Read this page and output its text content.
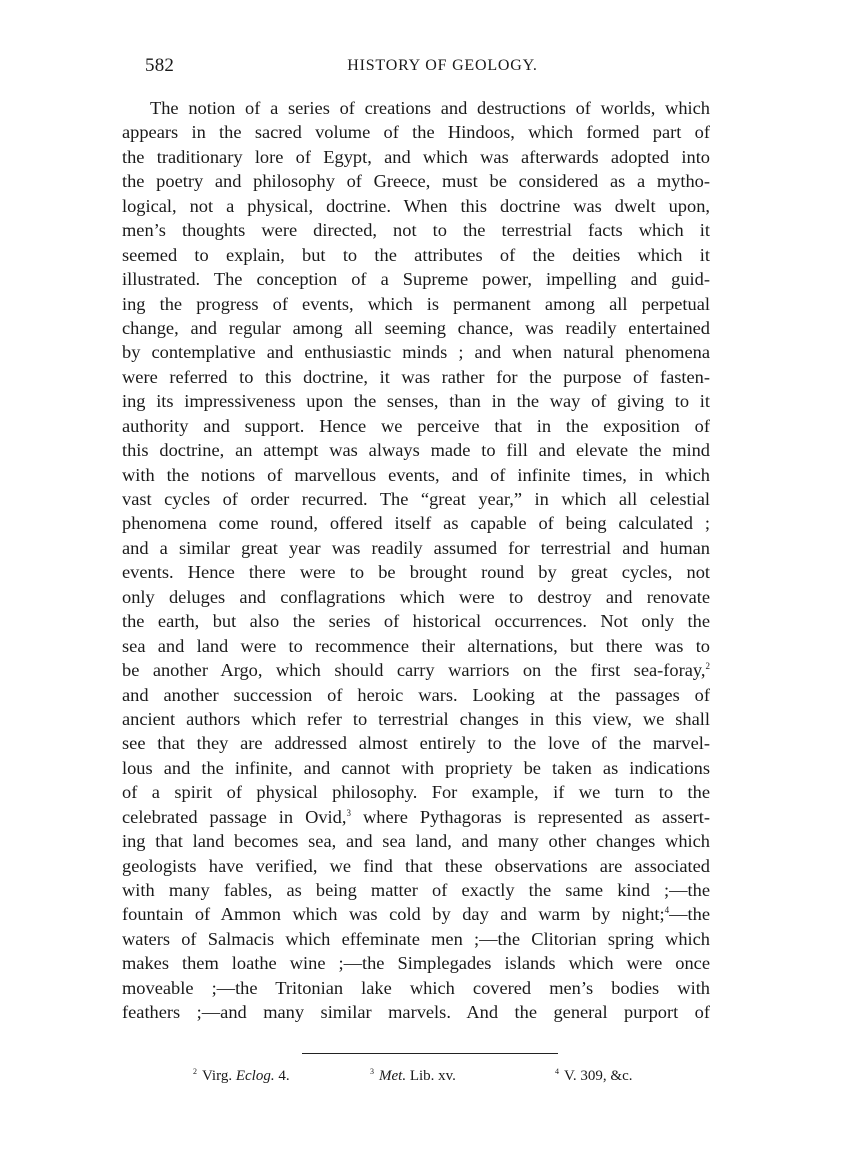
582	HISTORY OF GEOLOGY.
The notion of a series of creations and destructions of worlds, which
appears in the sacred volume of the Hindoos, which formed part of
the traditionary lore of Egypt, and which was afterwards adopted into
the poetry and philosophy of Greece, must be considered as a mytho-
logical, not a physical, doctrine. When this doctrine was dwelt upon,
men’s thoughts were directed, not to the terrestrial facts which it
seemed to explain, but to the attributes of the deities which it
illustrated. The conception of a Supreme power, impelling and guid-
ing the progress of events, which is permanent among all perpetual
change, and regular among all seeming chance, was readily entertained
by contemplative and enthusiastic minds ; and when natural phenomena
were referred to this doctrine, it was rather for the purpose of fasten-
ing its impressiveness upon the senses, than in the way of giving to it
authority and support. Hence we perceive that in the exposition of
this doctrine, an attempt was always made to fill and elevate the mind
with the notions of marvellous events, and of infinite times, in which
vast cycles of order recurred. The “great year,” in which all celestial
phenomena come round, offered itself as capable of being calculated ;
and a similar great year was readily assumed for terrestrial and human
events. Hence there were to be brought round by great cycles, not
only deluges and conflagrations which were to destroy and renovate
the earth, but also the series of historical occurrences. Not only the
sea and land were to recommence their alternations, but there was to
be another Argo, which should carry warriors on the first sea-foray,$^2$
and another succession of heroic wars. Looking at the passages of
ancient authors which refer to terrestrial changes in this view, we shall
see that they are addressed almost entirely to the love of the marvel-
lous and the infinite, and cannot with propriety be taken as indications
of a spirit of physical philosophy. For example, if we turn to the
celebrated passage in Ovid,$^3$ where Pythagoras is represented as assert-
ing that land becomes sea, and sea land, and many other changes which
geologists have verified, we find that these observations are associated
with many fables, as being matter of exactly the same kind ;—the
fountain of Ammon which was cold by day and warm by night;$^4$—the
waters of Salmacis which effeminate men ;—the Clitorian spring which
makes them loathe wine ;—the Simplegades islands which were once
moveable ;—the Tritonian lake which covered men’s bodies with
feathers ;—and many similar marvels. And the general purport of
$^2$ Virg. Eclog. 4.	$^3$ Met. Lib. xv.	$^4$ V. 309, &c.
